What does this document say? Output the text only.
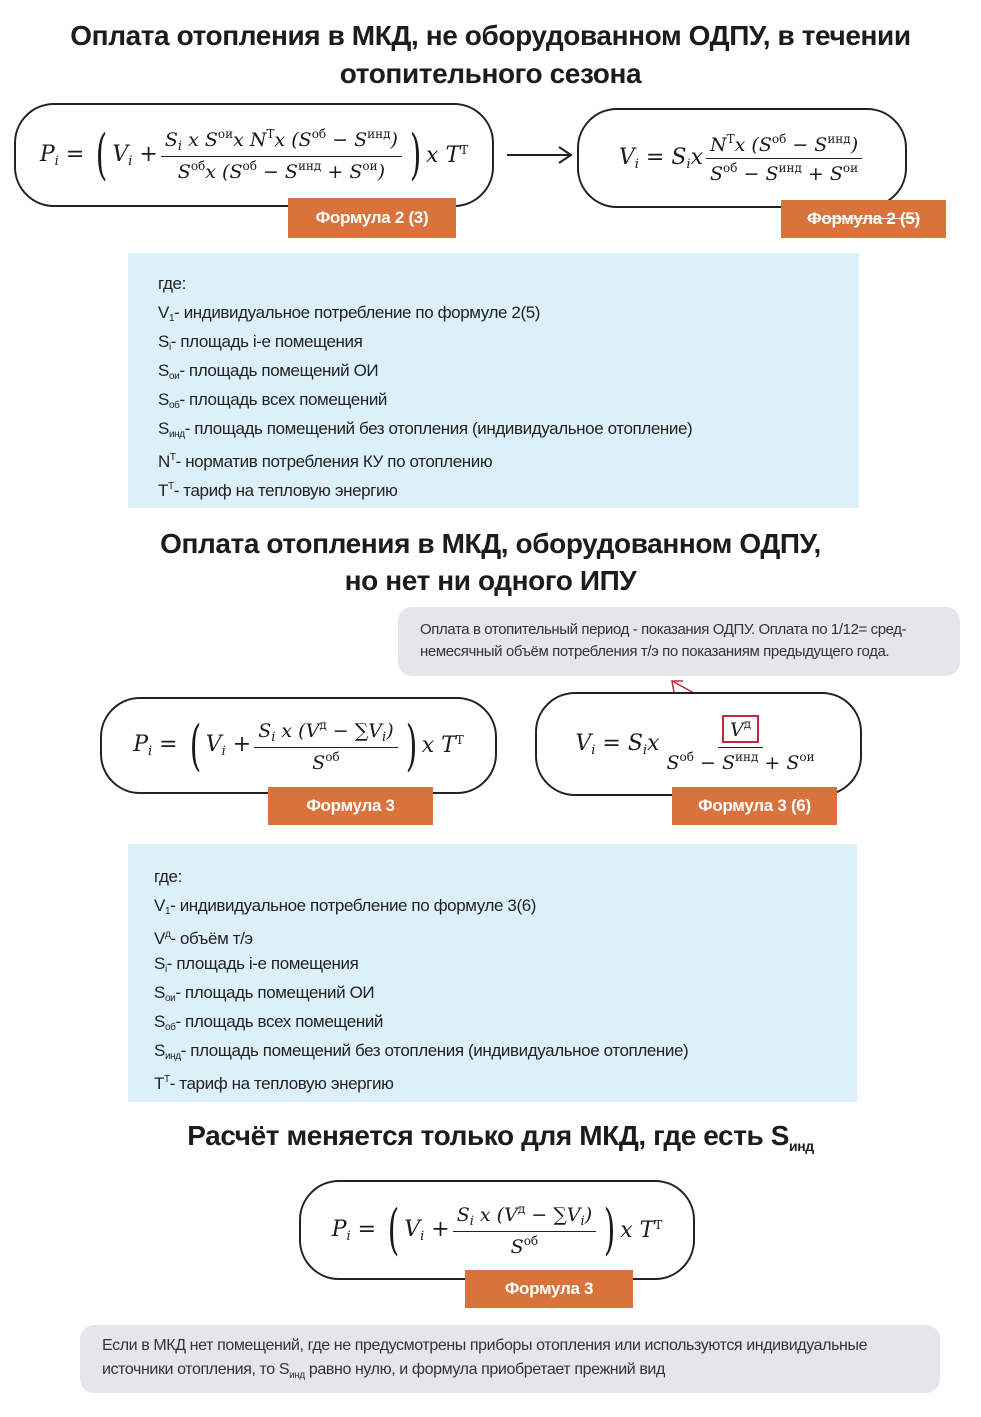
Оплата отопления в МКД, не оборудованном ОДПУ, в течении
отопительного сезона
$P_i$ = ( $V_i + \frac{S_i x S^{ои}x N^Tx (S^{об} - S^{инд})}{S^{об}x (S^{об} - S^{инд} + S^{ои})}$ ) x $T^T$
Формула 2 (3)
$V_i = S_ix \frac{N^Tx (S^{об} - S^{инд})}{S^{об} - S^{инд} + S^{ои}}$
Формула 2 (5)
где:
$V_1-$ индивидуальное потребление по формуле 2(5)
$S_i-$ площадь i-е помещения
$S_{ои}-$ площадь помещений ОИ
$S_{об}-$ площадь всех помещений
$S_{инд}-$ площадь помещений без отопления (индивидуальное отопление)
$N^T-$ норматив потребления КУ по отоплению
$T^T-$ тариф на тепловую энергию
Оплата отопления в МКД, оборудованном ОДПУ,
но нет ни одного ИПУ
Оплата в отопительный период - показания ОДПУ. Оплата по 1/12= сред-немесячный объём потребления т/э по показаниям предыдущего года.
$P_i$ = ( $V_i + \frac{S_i x (V^д - \sum V_i)}{S^{об}}$ ) x $T^T$
Формула 3
$V_i = S_ix \frac{V^д}{S^{об} - S^{инд} + S^{ои}}$
Формула 3 (6)
где:
$V_1-$ индивидуальное потребление по формуле 3(6)
$V^д-$ объём т/э
$S_i-$ площадь i-е помещения
$S_{ои}-$ площадь помещений ОИ
$S_{об}-$ площадь всех помещений
$S_{инд}-$ площадь помещений без отопления (индивидуальное отопление)
$T^T-$ тариф на тепловую энергию
Расчёт меняется только для МКД, где есть $S_{инд}$
$P_i$ = ( $V_i + \frac{S_i x (V^д - \sum V_i)}{S^{об}}$ ) x $T^T$
Формула 3
Если в МКД нет помещений, где не предусмотрены приборы отопления или используются индивидуальные
источники отопления, то $S_{инд}$ равно нулю, и формула приобретает прежний вид
